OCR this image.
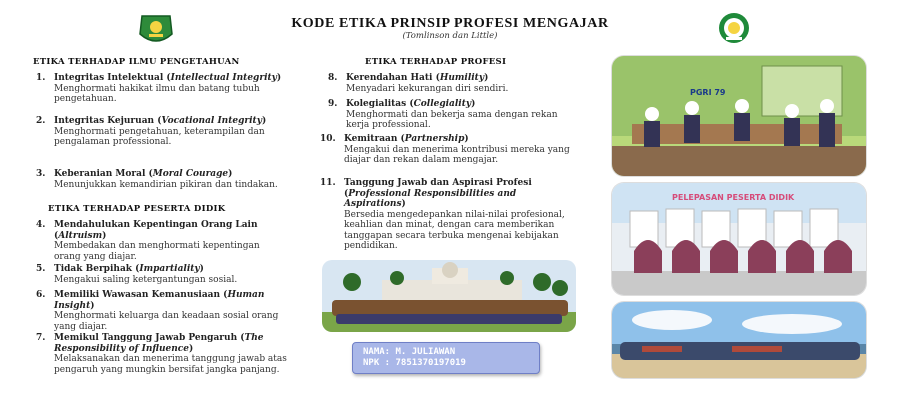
KODE ETIKA PRINSIP PROFESI MENGAJAR
(Tomlinson dan Little)
ETIKA TERHADAP ILMU PENGETAHUAN
1. Integritas Intelektual (Intellectual Integrity)
Menghormati hakikat ilmu dan batang tubuh pengetahuan.
2. Integritas Kejuruan (Vocational Integrity)
Menghormati pengetahuan, keterampilan dan pengalaman professional.
3. Keberanian Moral (Moral Courage)
Menunjukkan kemandirian pikiran dan tindakan.
ETIKA TERHADAP PESERTA DIDIK
4. Mendahulukan Kepentingan Orang Lain (Altruism)
Membedakan dan menghormati kepentingan orang yang diajar.
5. Tidak Berpihak (Impartiality)
Mengakui saling ketergantungan sosial.
6. Memiliki Wawasan Kemanusiaan (Human Insight)
Menghormati keluarga dan keadaan sosial orang yang diajar.
7. Memikul Tanggung Jawab Pengaruh (The Responsibility of Influence)
Melaksanakan dan menerima tanggung jawab atas pengaruh yang mungkin bersifat jangka panjang.
ETIKA TERHADAP PROFESI
8. Kerendahan Hati (Humility)
Menyadari kekurangan diri sendiri.
9. Kolegialitas (Collegiality)
Menghormati dan bekerja sama dengan rekan kerja professional.
10. Kemitraan (Partnership)
Mengakui dan menerima kontribusi mereka yang diajar dan rekan dalam mengajar.
11. Tanggung Jawab dan Aspirasi Profesi (Professional Responsibilities and Aspirations)
Bersedia mengedepankan nilai-nilai profesional, keahlian dan minat, dengan cara memberikan tanggapan secara terbuka mengenai kebijakan pendidikan.
NAMA: M. JULIAWAN
NPK : 7851370197019
PGRI 79
PELEPASAN PESERTA DIDIK
